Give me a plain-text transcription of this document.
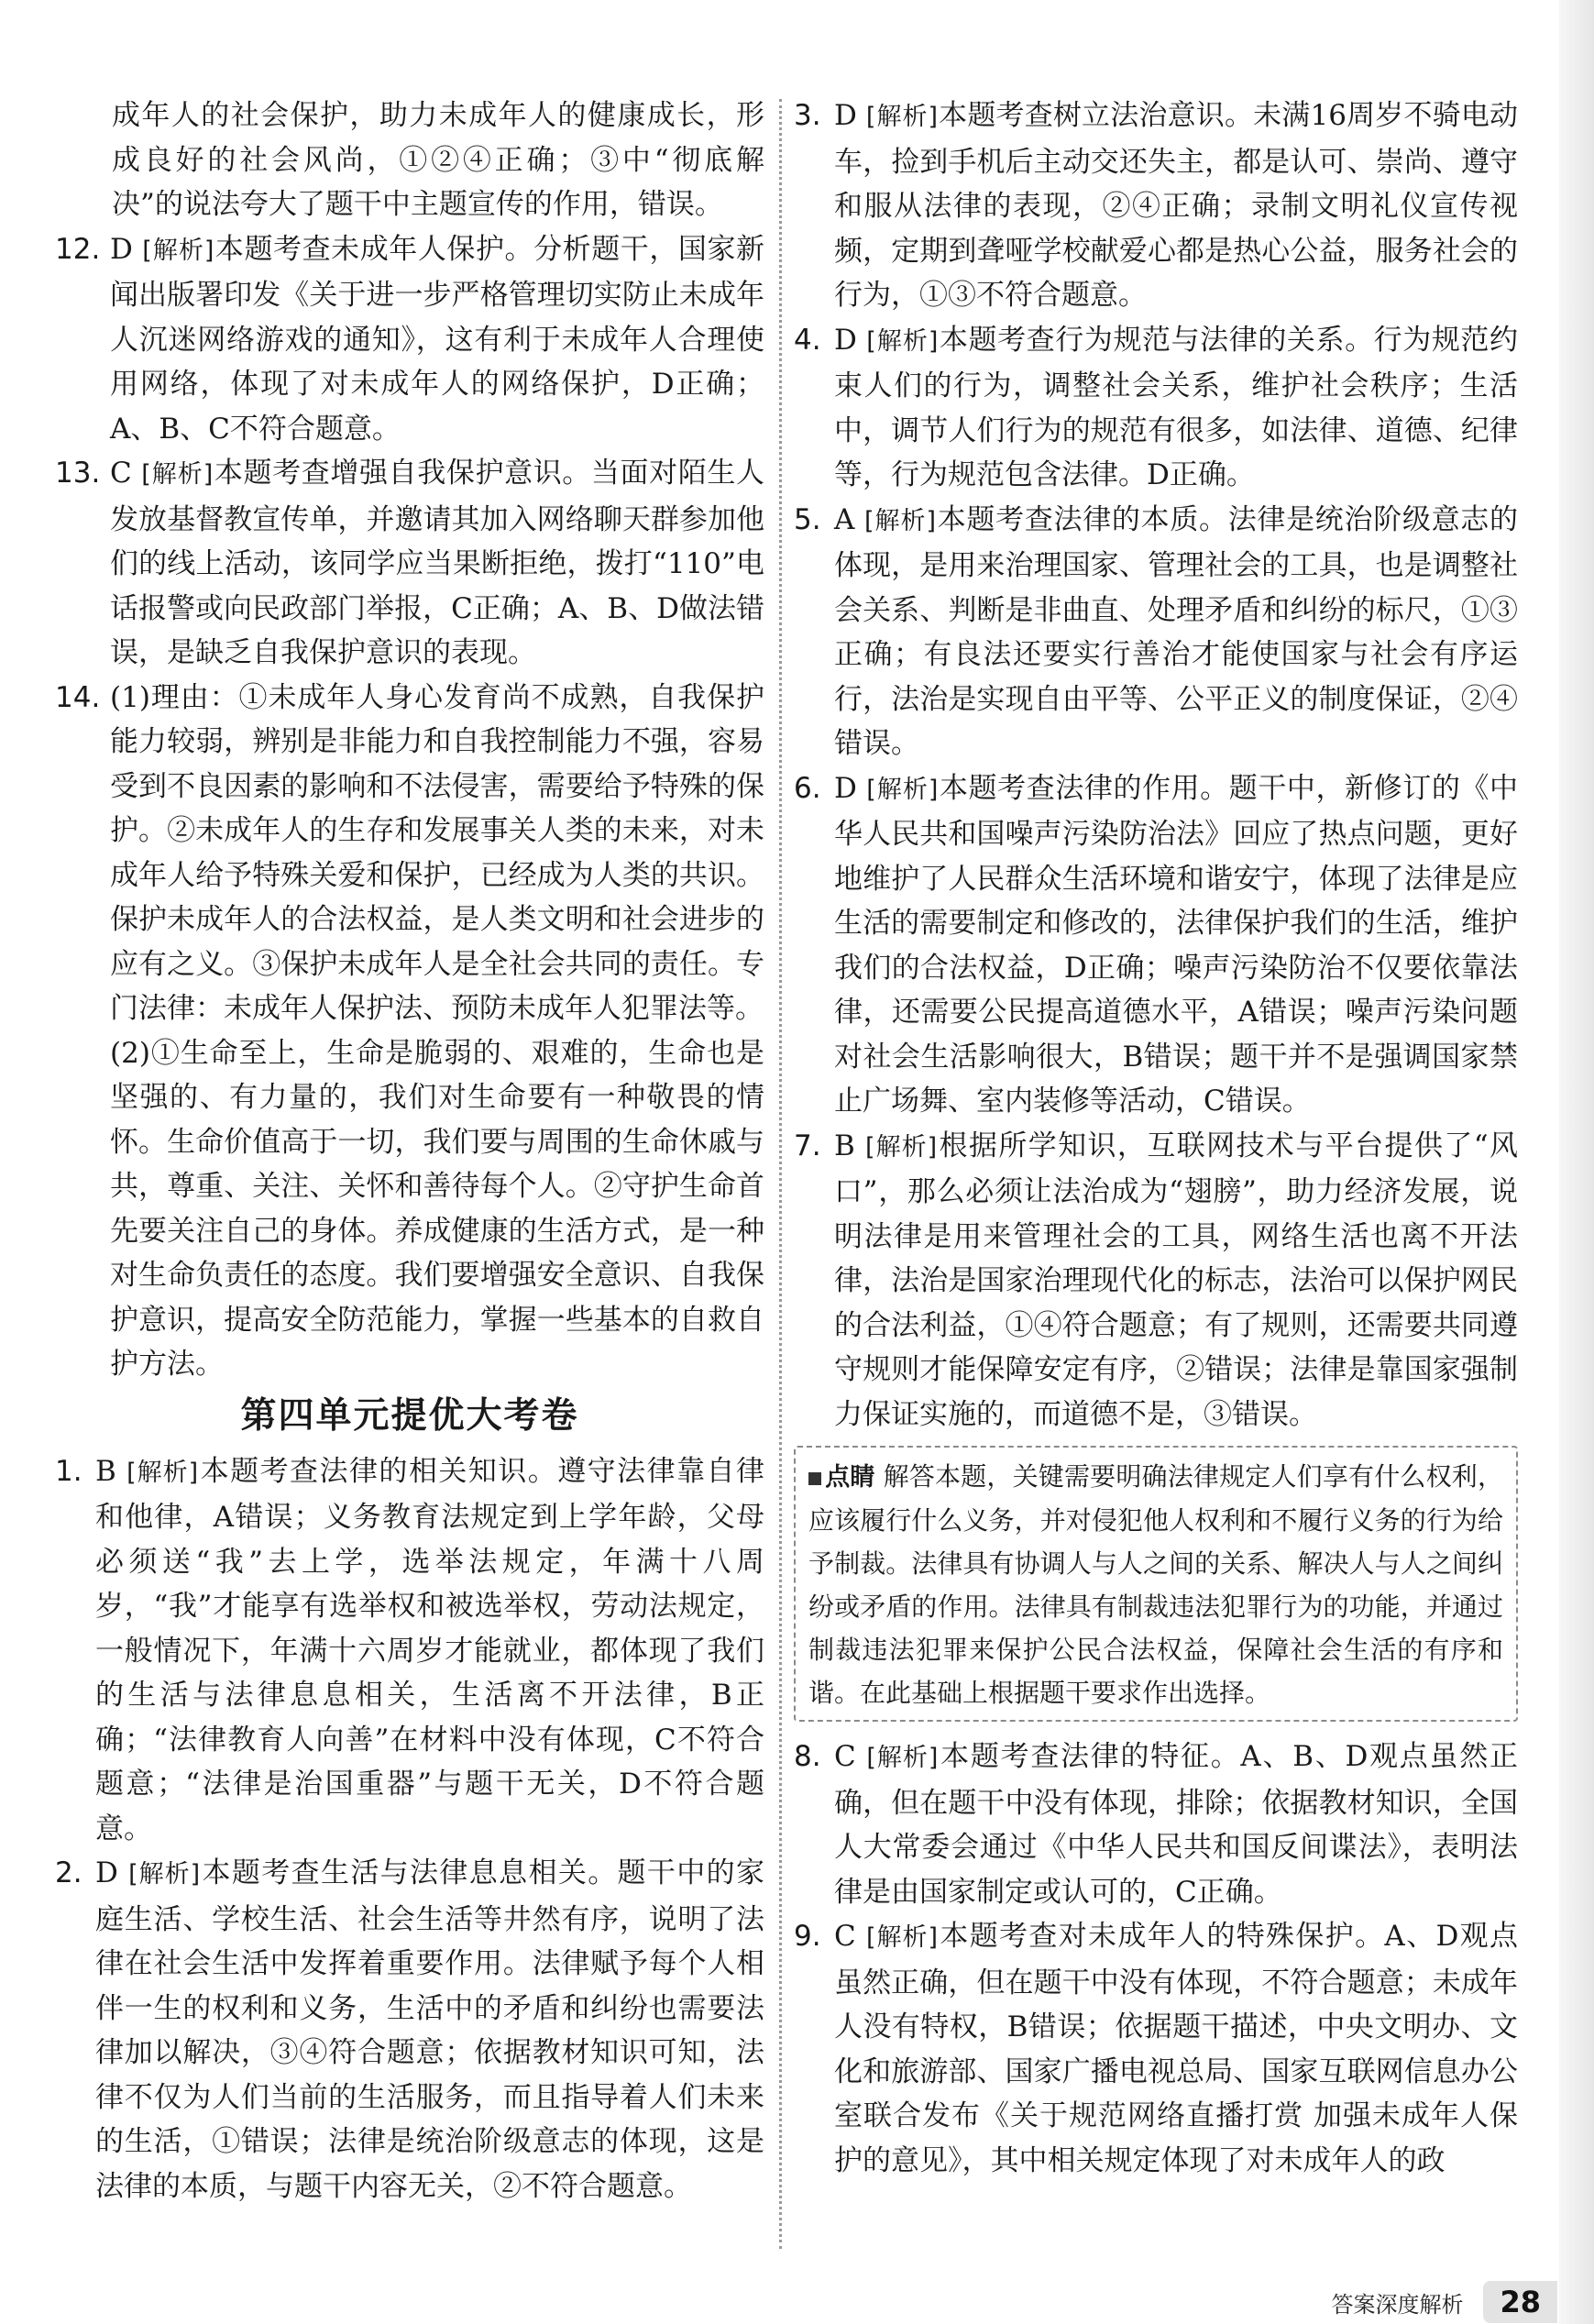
成年人的社会保护，助力未成年人的健康成长，形成良好的社会风尚，①②④正确；③中“彻底解决”的说法夸大了题干中主题宣传的作用，错误。

12. D [解析]本题考查未成年人保护。分析题干，国家新闻出版署印发《关于进一步严格管理切实防止未成年人沉迷网络游戏的通知》，这有利于未成年人合理使用网络，体现了对未成年人的网络保护，D正确；A、B、C不符合题意。

13. C [解析]本题考查增强自我保护意识。当面对陌生人发放基督教宣传单，并邀请其加入网络聊天群参加他们的线上活动，该同学应当果断拒绝，拨打“110”电话报警或向民政部门举报，C正确；A、B、D做法错误，是缺乏自我保护意识的表现。

14. (1)理由：①未成年人身心发育尚不成熟，自我保护能力较弱，辨别是非能力和自我控制能力不强，容易受到不良因素的影响和不法侵害，需要给予特殊的保护。②未成年人的生存和发展事关人类的未来，对未成年人给予特殊关爱和保护，已经成为人类的共识。保护未成年人的合法权益，是人类文明和社会进步的应有之义。③保护未成年人是全社会共同的责任。专门法律：未成年人保护法、预防未成年人犯罪法等。

(2)①生命至上，生命是脆弱的、艰难的，生命也是坚强的、有力量的，我们对生命要有一种敬畏的情怀。生命价值高于一切，我们要与周围的生命休戚与共，尊重、关注、关怀和善待每个人。②守护生命首先要关注自己的身体。养成健康的生活方式，是一种对生命负责任的态度。我们要增强安全意识、自我保护意识，提高安全防范能力，掌握一些基本的自救自护方法。

第四单元提优大考卷
1. B [解析]本题考查法律的相关知识。遵守法律靠自律和他律，A错误；义务教育法规定到上学年龄，父母必须送“我”去上学，选举法规定，年满十八周岁，“我”才能享有选举权和被选举权，劳动法规定，一般情况下，年满十六周岁才能就业，都体现了我们的生活与法律息息相关，生活离不开法律，B正确；“法律教育人向善”在材料中没有体现，C不符合题意；“法律是治国重器”与题干无关，D不符合题意。

2. D [解析]本题考查生活与法律息息相关。题干中的家庭生活、学校生活、社会生活等井然有序，说明了法律在社会生活中发挥着重要作用。法律赋予每个人相伴一生的权利和义务，生活中的矛盾和纠纷也需要法律加以解决，③④符合题意；依据教材知识可知，法律不仅为人们当前的生活服务，而且指导着人们未来的生活，①错误；法律是统治阶级意志的体现，这是法律的本质，与题干内容无关，②不符合题意。

3. D [解析]本题考查树立法治意识。未满16周岁不骑电动车，捡到手机后主动交还失主，都是认可、崇尚、遵守和服从法律的表现，②④正确；录制文明礼仪宣传视频，定期到聋哑学校献爱心都是热心公益，服务社会的行为，①③不符合题意。

4. D [解析]本题考查行为规范与法律的关系。行为规范约束人们的行为，调整社会关系，维护社会秩序；生活中，调节人们行为的规范有很多，如法律、道德、纪律等，行为规范包含法律。D正确。

5. A [解析]本题考查法律的本质。法律是统治阶级意志的体现，是用来治理国家、管理社会的工具，也是调整社会关系、判断是非曲直、处理矛盾和纠纷的标尺，①③正确；有良法还要实行善治才能使国家与社会有序运行，法治是实现自由平等、公平正义的制度保证，②④错误。

6. D [解析]本题考查法律的作用。题干中，新修订的《中华人民共和国噪声污染防治法》回应了热点问题，更好地维护了人民群众生活环境和谐安宁，体现了法律是应生活的需要制定和修改的，法律保护我们的生活，维护我们的合法权益，D正确；噪声污染防治不仅要依靠法律，还需要公民提高道德水平，A错误；噪声污染问题对社会生活影响很大，B错误；题干并不是强调国家禁止广场舞、室内装修等活动，C错误。

7. B [解析]根据所学知识，互联网技术与平台提供了“风口”，那么必须让法治成为“翅膀”，助力经济发展，说明法律是用来管理社会的工具，网络生活也离不开法律，法治是国家治理现代化的标志，法治可以保护网民的合法利益，①④符合题意；有了规则，还需要共同遵守规则才能保障安定有序，②错误；法律是靠国家强制力保证实施的，而道德不是，③错误。

点睛 解答本题，关键需要明确法律规定人们享有什么权利，应该履行什么义务，并对侵犯他人权利和不履行义务的行为给予制裁。法律具有协调人与人之间的关系、解决人与人之间纠纷或矛盾的作用。法律具有制裁违法犯罪行为的功能，并通过制裁违法犯罪来保护公民合法权益，保障社会生活的有序和谐。在此基础上根据题干要求作出选择。

8. C [解析]本题考查法律的特征。A、B、D观点虽然正确，但在题干中没有体现，排除；依据教材知识，全国人大常委会通过《中华人民共和国反间谍法》，表明法律是由国家制定或认可的，C正确。

9. C [解析]本题考查对未成年人的特殊保护。A、D观点虽然正确，但在题干中没有体现，不符合题意；未成年人没有特权，B错误；依据题干描述，中央文明办、文化和旅游部、国家广播电视总局、国家互联网信息办公室联合发布《关于规范网络直播打赏 加强未成年人保护的意见》，其中相关规定体现了对未成年人的政

答案深度解析	28
